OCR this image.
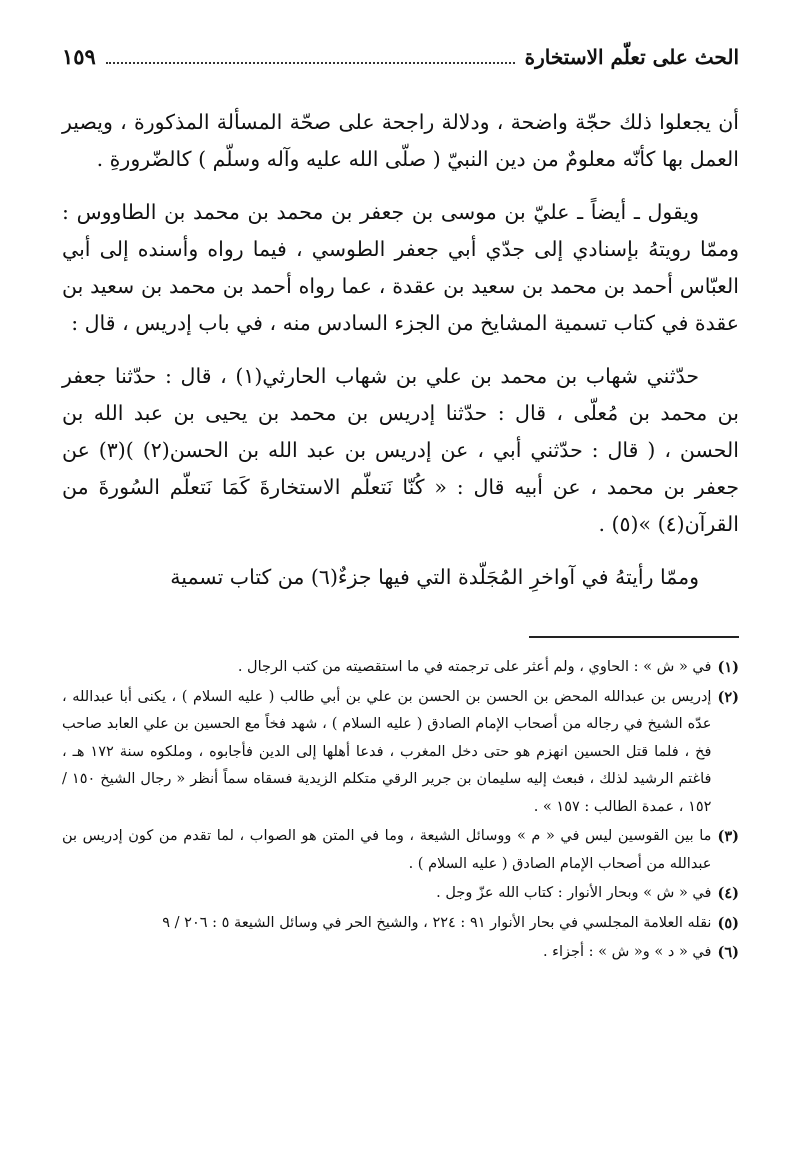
الحث على تعلّم الاستخارة
١٥٩

أن يجعلوا ذلك حجّة واضحة ، ودلالة راجحة على صحّة المسألة المذكورة ، ويصير العمل بها كأنّه معلومٌ من دين النبيّ ( صلّى الله عليه وآله وسلّم ) كالضّرورةِ .

ويقول ـ أيضاً ـ عليّ بن موسى بن جعفر بن محمد بن محمد بن الطاووس : وممّا رويتهُ بإسنادي إلى جدّي أبي جعفر الطوسي ، فيما رواه وأسنده إلى أبي العبّاس أحمد بن محمد بن سعيد بن عقدة ، عما رواه أحمد بن محمد بن سعيد بن عقدة في كتاب تسمية المشايخ من الجزء السادس منه ، في باب إدريس ، قال :

حدّثني شهاب بن محمد بن علي بن شهاب الحارثي(١) ، قال : حدّثنا جعفر بن محمد بن مُعلّى ، قال : حدّثنا إدريس بن محمد بن يحيى بن عبد الله بن الحسن ، ( قال : حدّثني أبي ، عن إدريس بن عبد الله بن الحسن(٢) )(٣) عن جعفر بن محمد ، عن أبيه قال : « كُنّا نَتعلّم الاستخارةَ كَمَا نَتعلّم السُورةَ من القرآن(٤) »(٥) .

وممّا رأيتهُ في آواخرِ المُجَلّدة التي فيها جزءٌ(٦) من كتاب تسمية

(١)
في « ش » : الحاوي ، ولم أعثر على ترجمته في ما استقصيته من كتب الرجال .
(٢)
إدريس بن عبدالله المحض بن الحسن بن الحسن بن علي بن أبي طالب ( عليه السلام ) ، يكنى أبا عبدالله ، عدّه الشيخ في رجاله من أصحاب الإمام الصادق ( عليه السلام ) ، شهد فخاً مع الحسين بن علي العابد صاحب فخ ، فلما قتل الحسين انهزم هو حتى دخل المغرب ، فدعا أهلها إلى الدين فأجابوه ، وملكوه سنة ١٧٢ هـ ، فاغتم الرشيد لذلك ، فبعث إليه سليمان بن جرير الرقي متكلم الزيدية فسقاه سماً أنظر « رجال الشيخ ١٥٠ / ١٥٢ ، عمدة الطالب : ١٥٧ » .
(٣)
ما بين القوسين ليس في « م » ووسائل الشيعة ، وما في المتن هو الصواب ، لما تقدم من كون إدريس بن عبدالله من أصحاب الإمام الصادق ( عليه السلام ) .
(٤)
في « ش » وبحار الأنوار : كتاب الله عزّ وجل .
(٥)
نقله العلامة المجلسي في بحار الأنوار ٩١ : ٢٢٤ ، والشيخ الحر في وسائل الشيعة ٥ : ٢٠٦ / ٩
(٦)
في « د » و« ش » : أجزاء .
